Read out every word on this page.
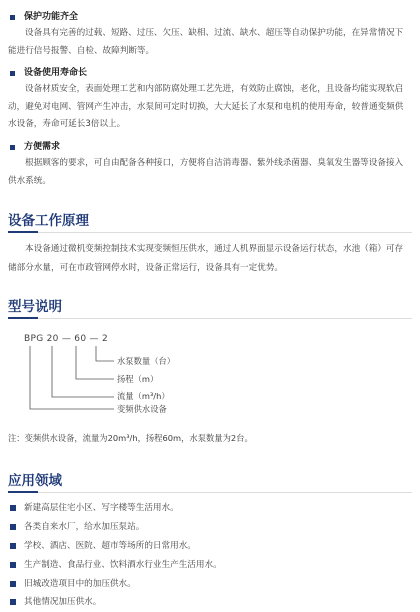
保护功能齐全
设备具有完善的过载、短路、过压、欠压、缺相、过流、缺水、超压等自动保护功能，在异常情况下能进行信号报警、自检、故障判断等。
设备使用寿命长
设备材质安全，表面处理工艺和内部防腐处理工艺先进，有效防止腐蚀，老化，且设备均能实现软启动，避免对电网、管网产生冲击，水泵间可定时切换，大大延长了水泵和电机的使用寿命，较普通变频供水设备，寿命可延长3倍以上。
方便需求
根据顾客的要求，可自由配备各种接口，方便将自洁消毒器、紫外线杀菌器、臭氧发生器等设备接入供水系统。
设备工作原理
本设备通过微机变频控制技术实现变频恒压供水，通过人机界面显示设备运行状态，水池（箱）可存储部分水量，可在市政管网停水时，设备正常运行，设备具有一定优势。
型号说明
BPG 20 — 60 — 2
水泵数量（台）
扬程（m）
流量（m³/h）
变频供水设备
注：变频供水设备，流量为20m³/h，扬程60m，水泵数量为2台。
应用领域
新建高层住宅小区、写字楼等生活用水。
各类自来水厂，给水加压泵站。
学校、酒店、医院、超市等场所的日常用水。
生产制造、食品行业、饮料酒水行业生产生活用水。
旧城改造项目中的加压供水。
其他情况加压供水。
